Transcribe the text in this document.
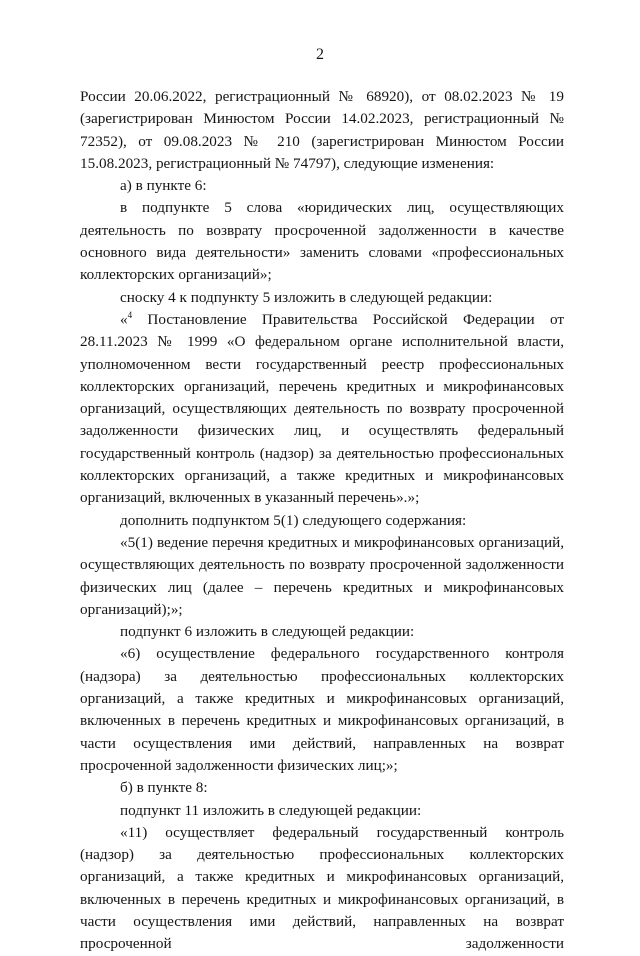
2

России 20.06.2022, регистрационный № 68920), от 08.02.2023 № 19 (зарегистрирован Минюстом России 14.02.2023, регистрационный № 72352), от 09.08.2023 № 210 (зарегистрирован Минюстом России 15.08.2023, регистрационный № 74797), следующие изменения:

а) в пункте 6:

в подпункте 5 слова «юридических лиц, осуществляющих деятельность по возврату просроченной задолженности в качестве основного вида деятельности» заменить словами «профессиональных коллекторских организаций»;

сноску 4 к подпункту 5 изложить в следующей редакции:

«$^4$ Постановление Правительства Российской Федерации от 28.11.2023 № 1999 «О федеральном органе исполнительной власти, уполномоченном вести государственный реестр профессиональных коллекторских организаций, перечень кредитных и микрофинансовых организаций, осуществляющих деятельность по возврату просроченной задолженности физических лиц, и осуществлять федеральный государственный контроль (надзор) за деятельностью профессиональных коллекторских организаций, а также кредитных и микрофинансовых организаций, включенных в указанный перечень».»;

дополнить подпунктом 5(1) следующего содержания:

«5(1) ведение перечня кредитных и микрофинансовых организаций, осуществляющих деятельность по возврату просроченной задолженности физических лиц (далее – перечень кредитных и микрофинансовых организаций);»;

подпункт 6 изложить в следующей редакции:

«6) осуществление федерального государственного контроля (надзора) за деятельностью профессиональных коллекторских организаций, а также кредитных и микрофинансовых организаций, включенных в перечень кредитных и микрофинансовых организаций, в части осуществления ими действий, направленных на возврат просроченной задолженности физических лиц;»;

б) в пункте 8:

подпункт 11 изложить в следующей редакции:

«11) осуществляет федеральный государственный контроль (надзор) за деятельностью профессиональных коллекторских организаций, а также кредитных и микрофинансовых организаций, включенных в перечень кредитных и микрофинансовых организаций, в части осуществления ими действий, направленных на возврат просроченной задолженности
